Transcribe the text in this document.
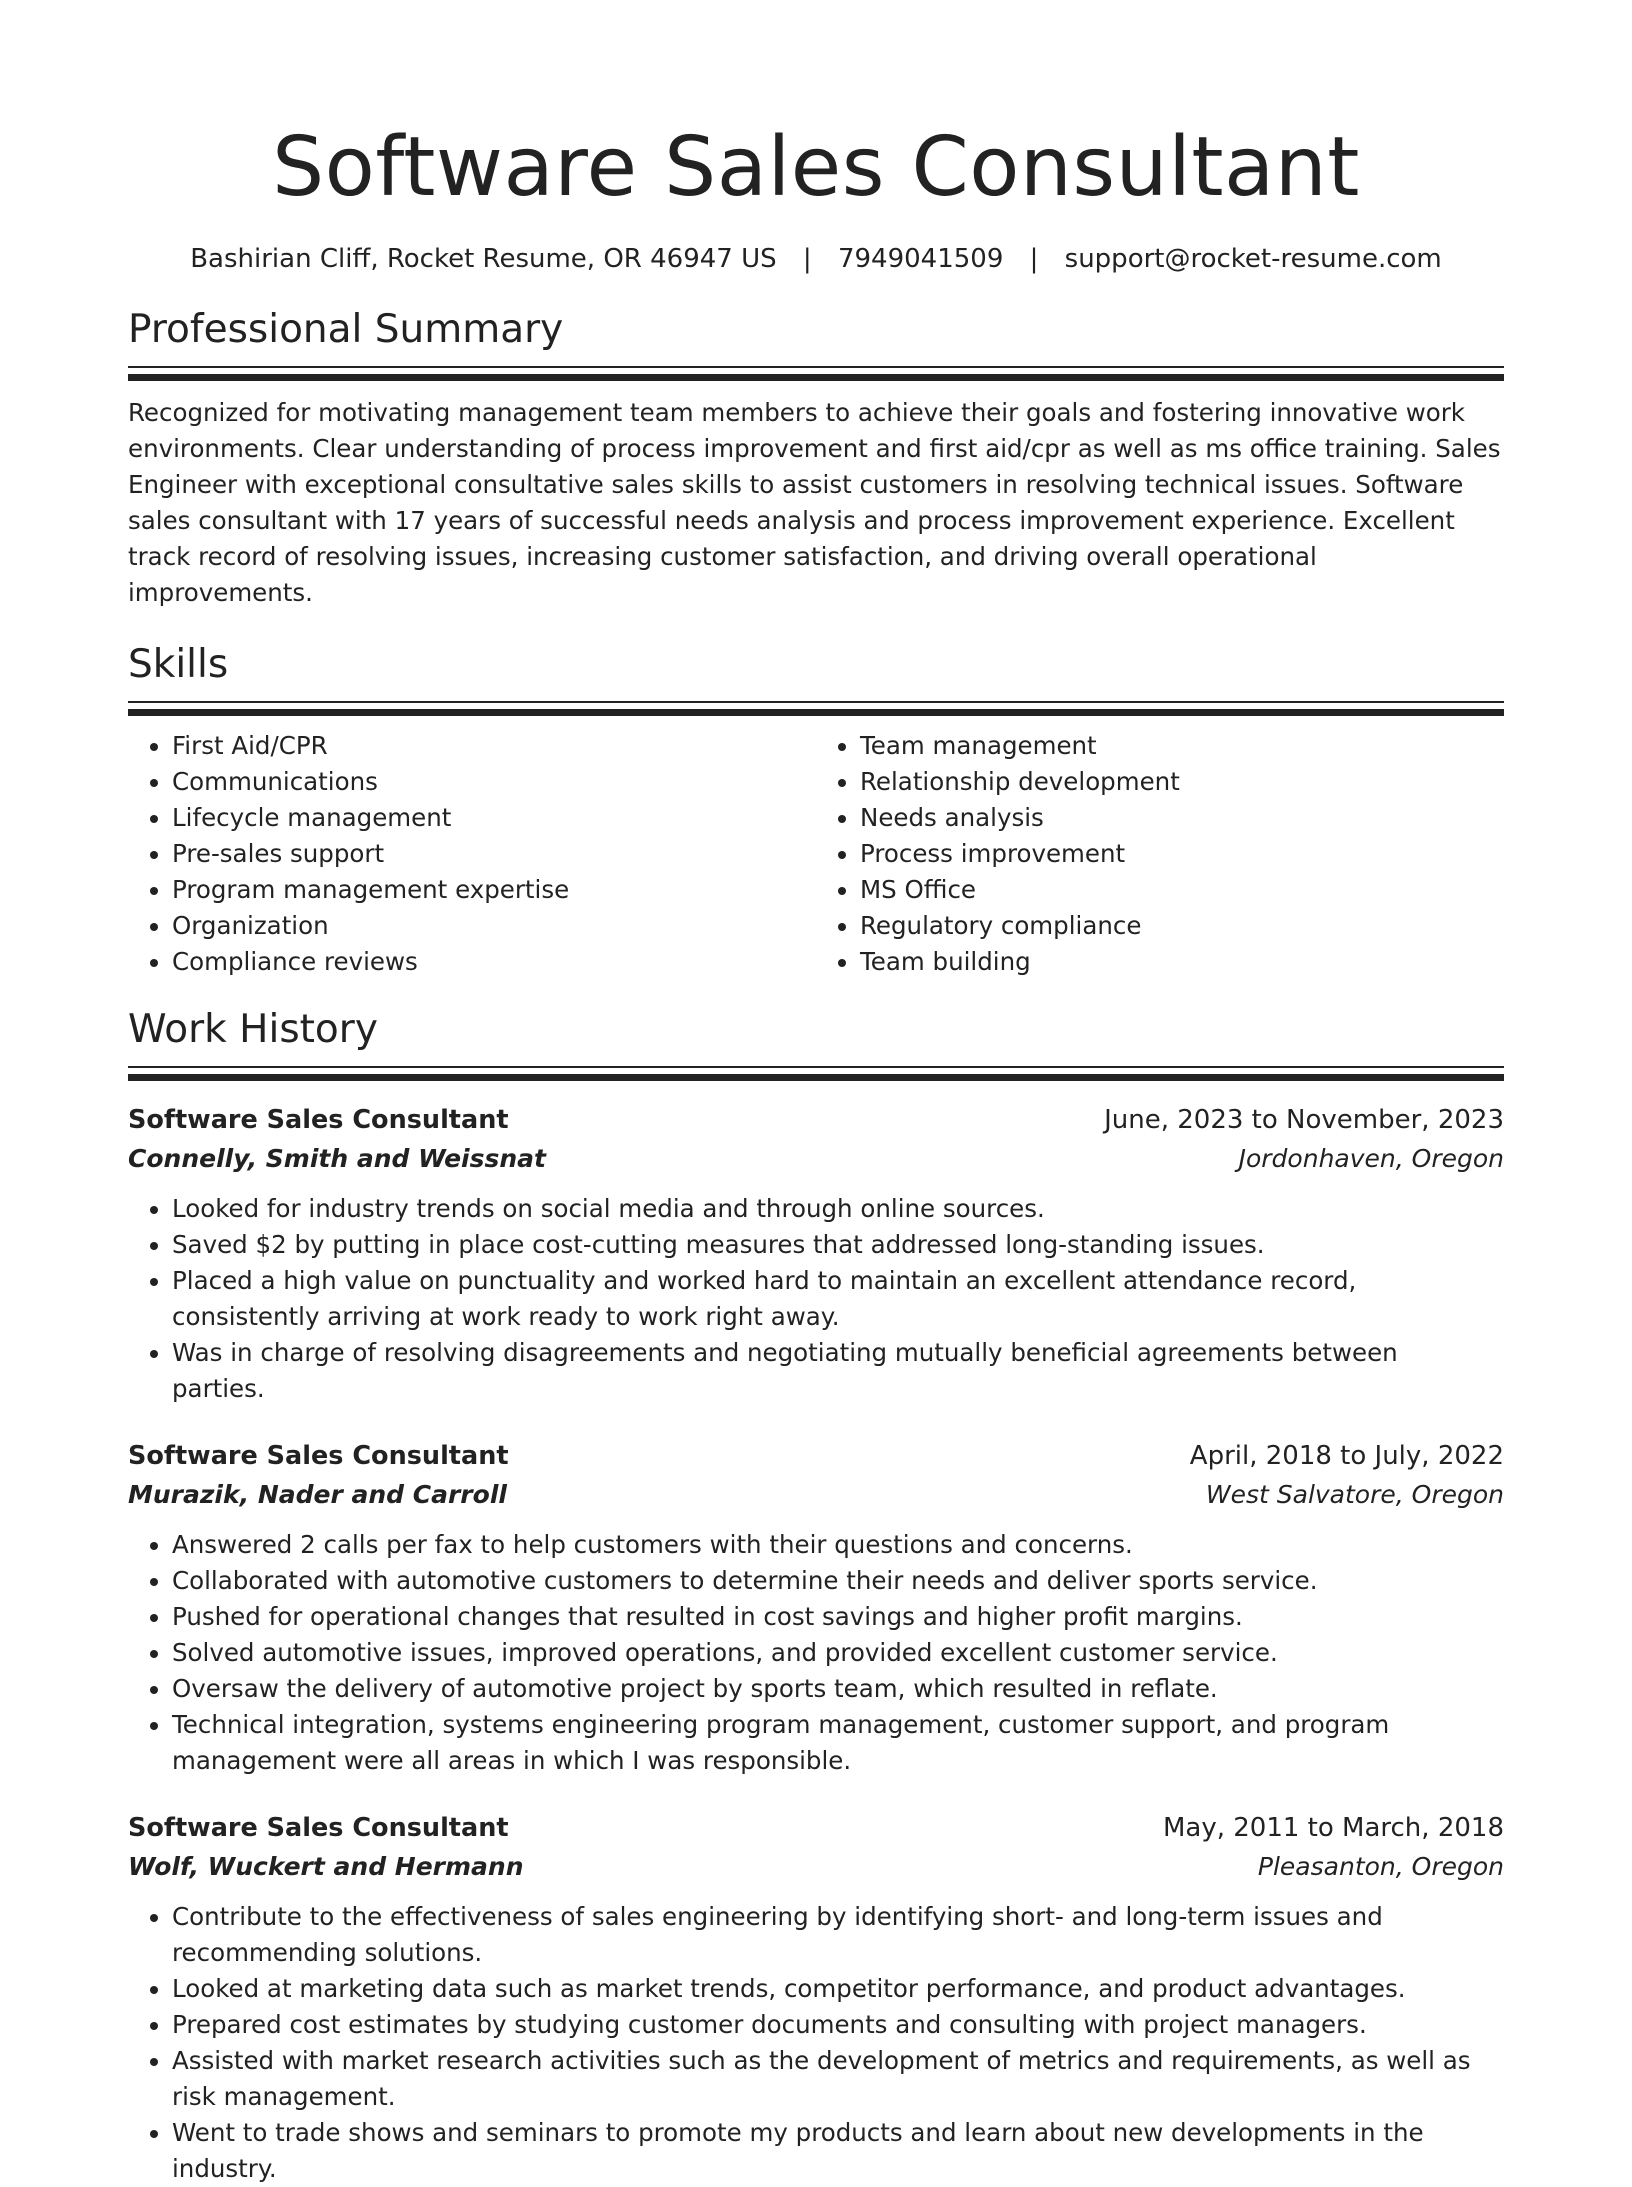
Software Sales Consultant
Bashirian Cliff, Rocket Resume, OR 46947 US | 7949041509 | support@rocket-resume.com
Professional Summary

Recognized for motivating management team members to achieve their goals and fostering innovative work environments. Clear understanding of process improvement and first aid/cpr as well as ms office training. Sales Engineer with exceptional consultative sales skills to assist customers in resolving technical issues. Software sales consultant with 17 years of successful needs analysis and process improvement experience. Excellent track record of resolving issues, increasing customer satisfaction, and driving overall operational improvements.

Skills
• First Aid/CPR
• Communications
• Lifecycle management
• Pre-sales support
• Program management expertise
• Organization
• Compliance reviews
• Team management
• Relationship development
• Needs analysis
• Process improvement
• MS Office
• Regulatory compliance
• Team building
Work History
Software Sales Consultant	June, 2023 to November, 2023
Connelly, Smith and Weissnat	Jordonhaven, Oregon
• Looked for industry trends on social media and through online sources.
• Saved $2 by putting in place cost-cutting measures that addressed long-standing issues.
• Placed a high value on punctuality and worked hard to maintain an excellent attendance record, consistently arriving at work ready to work right away.
• Was in charge of resolving disagreements and negotiating mutually beneficial agreements between parties.
Software Sales Consultant	April, 2018 to July, 2022
Murazik, Nader and Carroll	West Salvatore, Oregon
• Answered 2 calls per fax to help customers with their questions and concerns.
• Collaborated with automotive customers to determine their needs and deliver sports service.
• Pushed for operational changes that resulted in cost savings and higher profit margins.
• Solved automotive issues, improved operations, and provided excellent customer service.
• Oversaw the delivery of automotive project by sports team, which resulted in reflate.
• Technical integration, systems engineering program management, customer support, and program management were all areas in which I was responsible.
Software Sales Consultant	May, 2011 to March, 2018
Wolf, Wuckert and Hermann	Pleasanton, Oregon
• Contribute to the effectiveness of sales engineering by identifying short- and long-term issues and recommending solutions.
• Looked at marketing data such as market trends, competitor performance, and product advantages.
• Prepared cost estimates by studying customer documents and consulting with project managers.
• Assisted with market research activities such as the development of metrics and requirements, as well as risk management.
• Went to trade shows and seminars to promote my products and learn about new developments in the industry.
